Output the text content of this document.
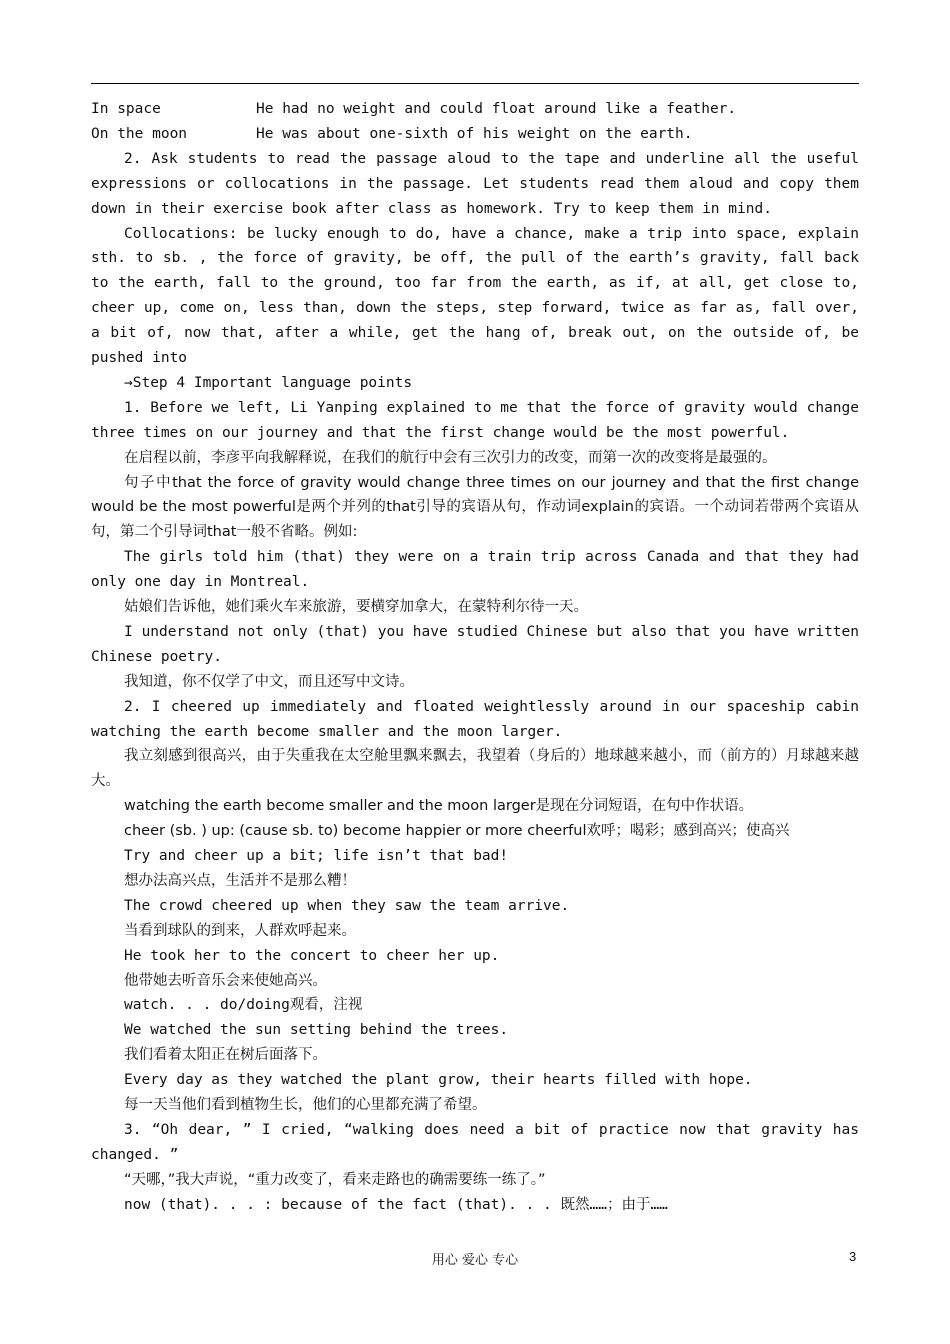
In space	He had no weight and could float around like a feather.
On the moon	He was about one-sixth of his weight on the earth.
2. Ask students to read the passage aloud to the tape and underline all the useful expressions or collocations in the passage. Let students read them aloud and copy them down in their exercise book after class as homework. Try to keep them in mind.
Collocations: be lucky enough to do, have a chance, make a trip into space, explain sth. to sb. , the force of gravity, be off, the pull of the earth’s gravity, fall back to the earth, fall to the ground, too far from the earth, as if, at all, get close to, cheer up, come on, less than, down the steps, step forward, twice as far as, fall over, a bit of, now that, after a while, get the hang of, break out, on the outside of, be pushed into
→Step 4 Important language points
1. Before we left, Li Yanping explained to me that the force of gravity would change three times on our journey and that the first change would be the most powerful.
在启程以前，李彦平向我解释说，在我们的航行中会有三次引力的改变，而第一次的改变将是最强的。
句子中that the force of gravity would change three times on our journey and that the first change would be the most powerful是两个并列的that引导的宾语从句，作动词explain的宾语。一个动词若带两个宾语从句，第二个引导词that一般不省略。例如:
The girls told him (that) they were on a train trip across Canada and that they had only one day in Montreal.
姑娘们告诉他，她们乘火车来旅游，要横穿加拿大，在蒙特利尔待一天。
I understand not only (that) you have studied Chinese but also that you have written Chinese poetry.
我知道，你不仅学了中文，而且还写中文诗。
2. I cheered up immediately and floated weightlessly around in our spaceship cabin watching the earth become smaller and the moon larger.
我立刻感到很高兴，由于失重我在太空舱里飘来飘去，我望着（身后的）地球越来越小，而（前方的）月球越来越大。
watching the earth become smaller and the moon larger是现在分词短语，在句中作状语。
cheer (sb. ) up: (cause sb. to) become happier or more cheerful欢呼；喝彩；感到高兴；使高兴
Try and cheer up a bit; life isn’t that bad!
想办法高兴点，生活并不是那么糟！
The crowd cheered up when they saw the team arrive.
当看到球队的到来，人群欢呼起来。
He took her to the concert to cheer her up.
他带她去听音乐会来使她高兴。
watch. . . do/doing观看，注视
We watched the sun setting behind the trees.
我们看着太阳正在树后面落下。
Every day as they watched the plant grow, their hearts filled with hope.
每一天当他们看到植物生长，他们的心里都充满了希望。
3. “Oh dear, ” I cried, “walking does need a bit of practice now that gravity has changed. ”
“天哪，”我大声说，“重力改变了，看来走路也的确需要练一练了。”
now (that). . . : because of the fact (that). . . 既然……；由于……
用心 爱心 专心	3
